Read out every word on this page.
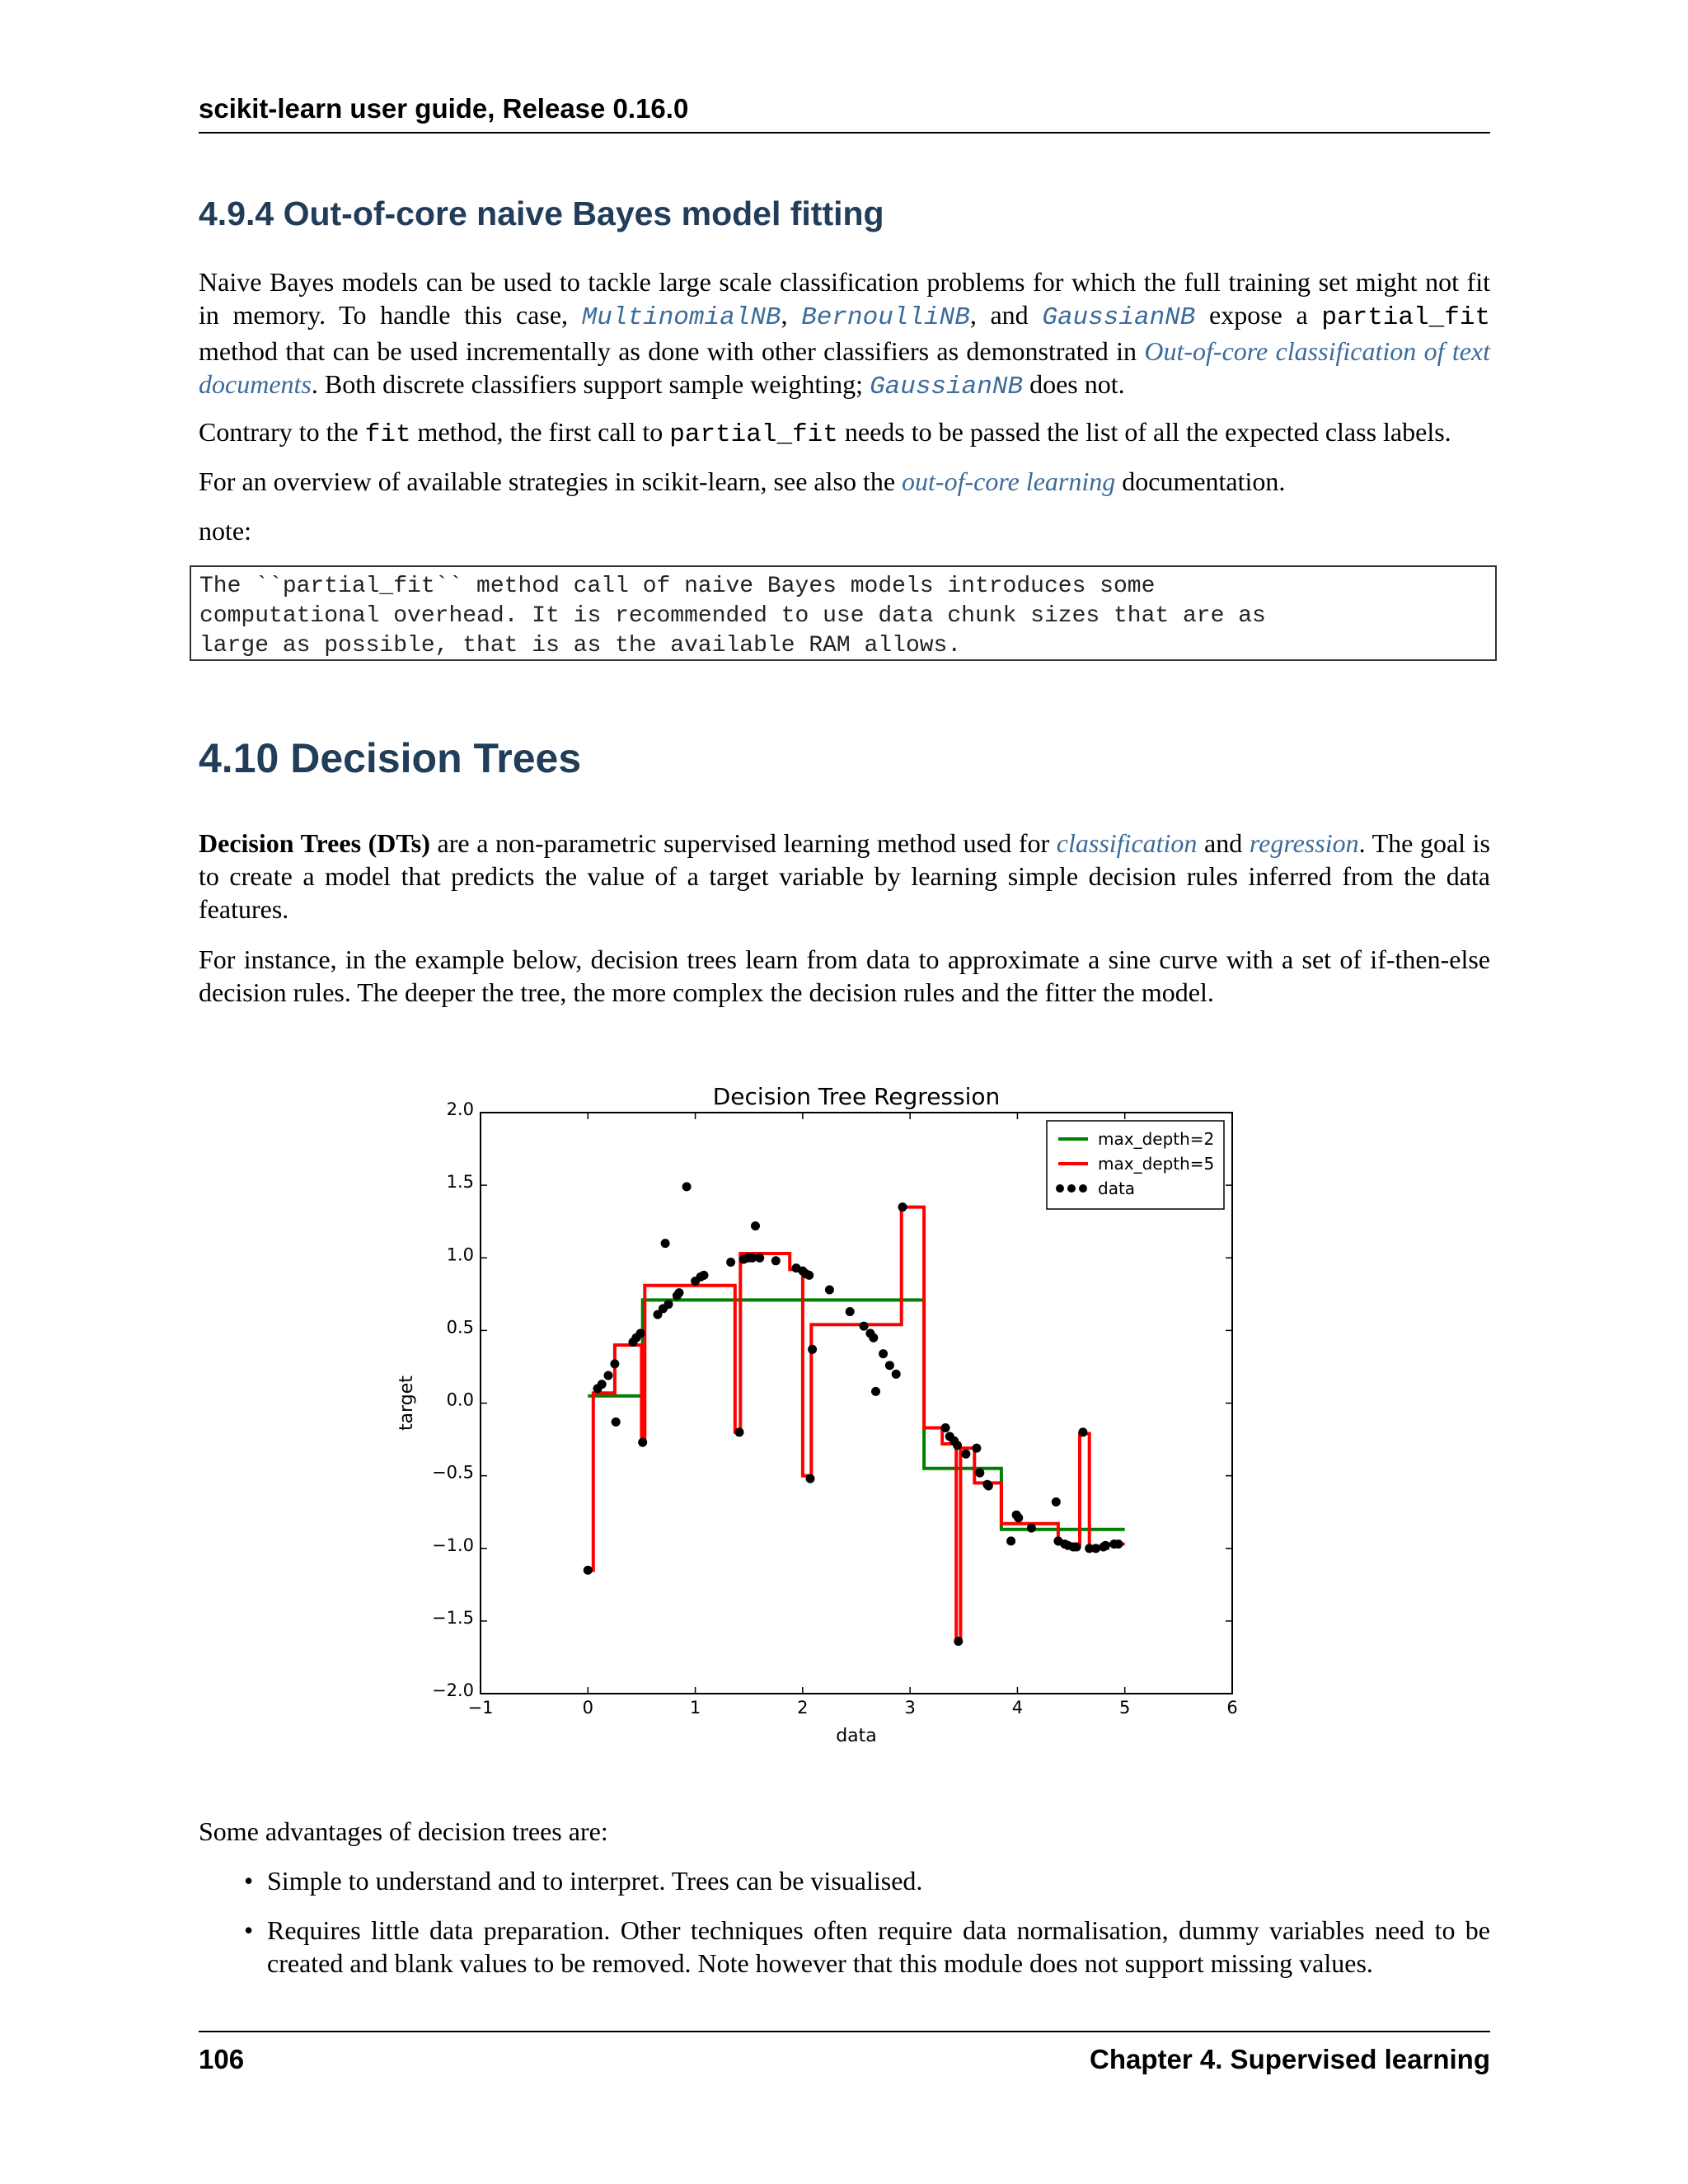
scikit-learn user guide, Release 0.16.0
4.9.4 Out-of-core naive Bayes model fitting

Naive Bayes models can be used to tackle large scale classification problems for which the full training set might not fit in memory. To handle this case, MultinomialNB, BernoulliNB, and GaussianNB expose a partial_fit method that can be used incrementally as done with other classifiers as demonstrated in Out-of-core classification of text documents. Both discrete classifiers support sample weighting; GaussianNB does not.

Contrary to the fit method, the first call to partial_fit needs to be passed the list of all the expected class labels.

For an overview of available strategies in scikit-learn, see also the out-of-core learning documentation.

note:

The ``partial_fit`` method call of naive Bayes models introduces some
computational overhead. It is recommended to use data chunk sizes that are as
large as possible, that is as the available RAM allows.
4.10 Decision Trees

Decision Trees (DTs) are a non-parametric supervised learning method used for classification and regression. The goal is to create a model that predicts the value of a target variable by learning simple decision rules inferred from the data features.

For instance, in the example below, decision trees learn from data to approximate a sine curve with a set of if-then-else decision rules. The deeper the tree, the more complex the decision rules and the fitter the model.

Decision Tree Regression
−1	0	1	2	3	4	5	6
−2.0
−1.5
−1.0
−0.5
0.0
0.5
1.0
1.5
2.0
data
target
max_depth=2
max_depth=5
data

Some advantages of decision trees are:

• Simple to understand and to interpret. Trees can be visualised.
• Requires little data preparation. Other techniques often require data normalisation, dummy variables need to be created and blank values to be removed. Note however that this module does not support missing values.
106	Chapter 4. Supervised learning
